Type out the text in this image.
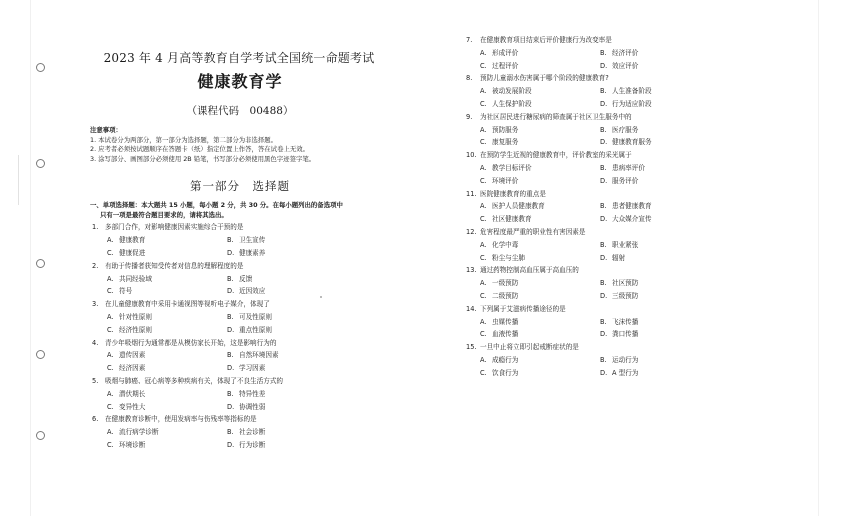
2023 年 4 月高等教育自学考试全国统一命题考试
健康教育学
（课程代码　00488）
注意事项：
1. 本试卷分为两部分，第一部分为选择题，第二部分为非选择题。
2. 应考者必须按试题顺序在答题卡（纸）指定位置上作答，答在试卷上无效。
3. 涂写部分、画图部分必须使用 2B 铅笔，书写部分必须使用黑色字迹签字笔。
第一部分　选择题
一、单项选择题：本大题共 15 小题，每小题 2 分，共 30 分。在每小题列出的备选项中
只有一项是最符合题目要求的，请将其选出。
1. 多部门合作，对影响健康因素实施综合干预的是
A. 健康教育	B. 卫生宣传
C. 健康促进	D. 健康素养
2. 有助于传播者获知受传者对信息的理解程度的是
A. 共同经验域	B. 反馈
C. 符号	D. 近因效应
3. 在儿童健康教育中采用卡通视图等视听电子媒介，体现了
A. 针对性原则	B. 可及性原则
C. 经济性原则	D. 重点性原则
4. 青少年吸烟行为通常都是从模仿家长开始，这是影响行为的
A. 遗传因素	B. 自然环境因素
C. 经济因素	D. 学习因素
5. 吸烟与肺癌、冠心病等多种疾病有关，体现了不良生活方式的
A. 潜伏期长	B. 特异性差
C. 变异性大	D. 协调性弱
6. 在健康教育诊断中，使用发病率与伤残率等指标的是
A. 流行病学诊断	B. 社会诊断
C. 环境诊断	D. 行为诊断
7. 在健康教育项目结束后评价健康行为改变率是
A. 形成评价	B. 经济评价
C. 过程评价	D. 效应评价
8. 预防儿童溺水伤害属于哪个阶段的健康教育?
A. 被动发展阶段	B. 人生准备阶段
C. 人生保护阶段	D. 行为适应阶段
9. 为社区居民进行糖尿病的筛查属于社区卫生服务中的
A. 预防服务	B. 医疗服务
C. 康复服务	D. 健康教育服务
10. 在预防学生近视的健康教育中，评价教室的采光属于
A. 教学目标评价	B. 患病率评价
C. 环境评价	D. 服务评价
11. 医院健康教育的重点是
A. 医护人员健康教育	B. 患者健康教育
C. 社区健康教育	D. 大众媒介宣传
12. 危害程度最严重的职业性有害因素是
A. 化学中毒	B. 职业紧张
C. 粉尘与尘肺	D. 辐射
13. 通过药物控制高血压属于高血压的
A. 一级预防	B. 社区预防
C. 二级预防	D. 三级预防
14. 下列属于艾滋病传播途径的是
A. 虫媒传播	B. 飞沫传播
C. 血液传播	D. 粪口传播
15. 一旦中止将立即引起戒断症状的是
A. 成瘾行为	B. 运动行为
C. 饮食行为	D. A 型行为
